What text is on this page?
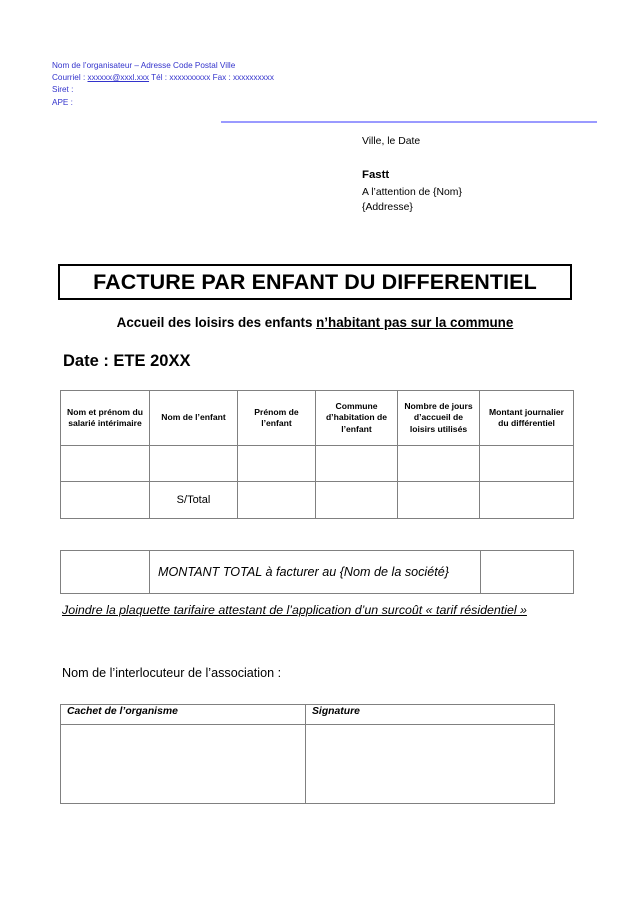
Nom de l’organisateur – Adresse Code Postal Ville
Courriel : xxxxxx@xxxl.xxx Tél : xxxxxxxxxx Fax : xxxxxxxxxx
Siret :
APE :
Ville, le Date
Fastt
A l’attention de {Nom}
{Addresse}
FACTURE PAR ENFANT DU DIFFERENTIEL
Accueil des loisirs des enfants n’habitant pas sur la commune
Date : ETE 20XX
Nom et prénom du salarié intérimaire	Nom de l’enfant	Prénom de l’enfant	Commune d’habitation de l’enfant	Nombre de jours d’accueil de loisirs utilisés	Montant journalier du différentiel

	S/Total				
	MONTANT TOTAL à facturer au {Nom de la société}	
Joindre la plaquette tarifaire attestant de l’application d’un surcoût « tarif résidentiel »
Nom de l’interlocuteur de l’association :
Cachet de l’organisme	Signature
